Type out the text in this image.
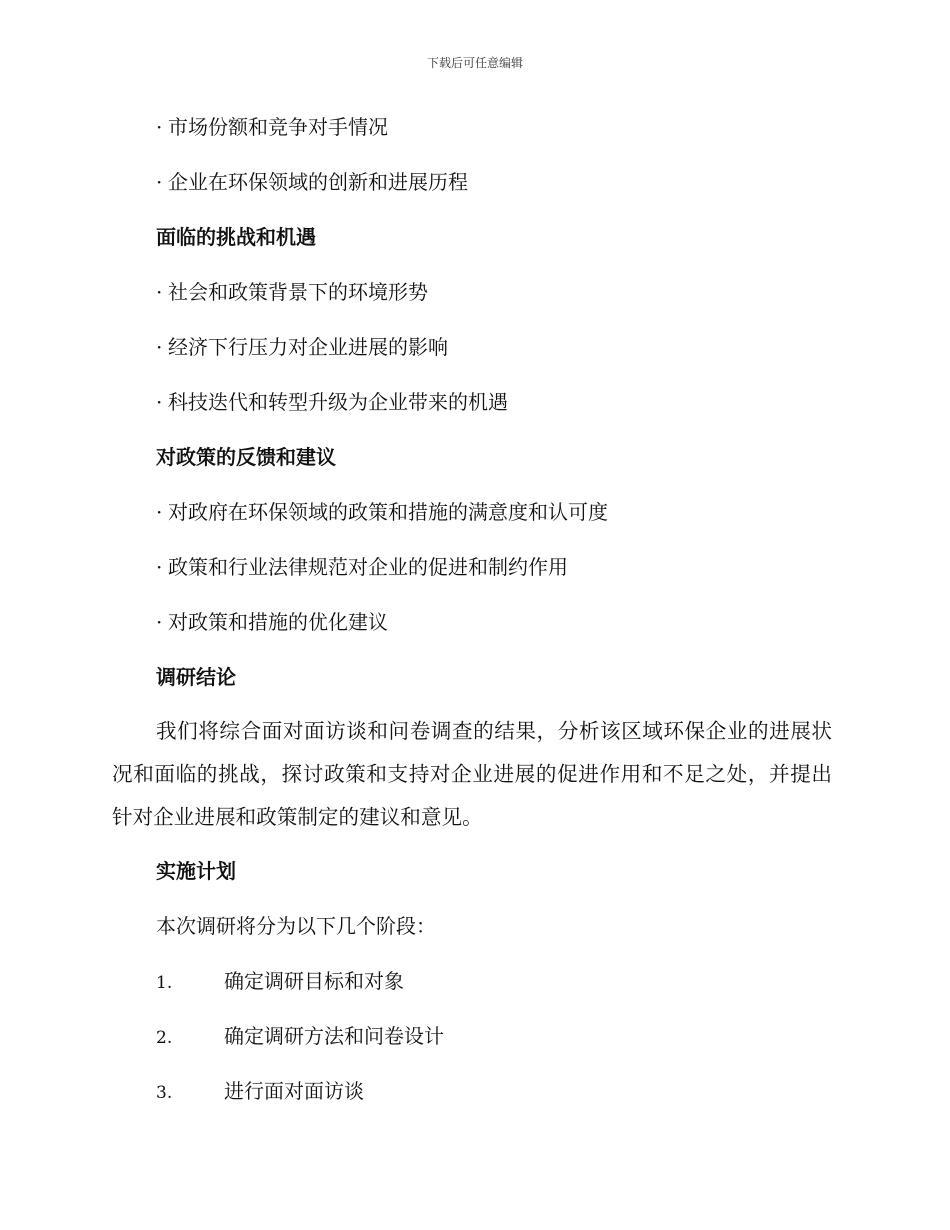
下载后可任意编辑
· 市场份额和竞争对手情况
· 企业在环保领域的创新和进展历程
面临的挑战和机遇
· 社会和政策背景下的环境形势
· 经济下行压力对企业进展的影响
· 科技迭代和转型升级为企业带来的机遇
对政策的反馈和建议
· 对政府在环保领域的政策和措施的满意度和认可度
· 政策和行业法律规范对企业的促进和制约作用
· 对政策和措施的优化建议
调研结论
我们将综合面对面访谈和问卷调查的结果，分析该区域环保企业的进展状况和面临的挑战，探讨政策和支持对企业进展的促进作用和不足之处，并提出针对企业进展和政策制定的建议和意见。
实施计划
本次调研将分为以下几个阶段：
1.	确定调研目标和对象
2.	确定调研方法和问卷设计
3.	进行面对面访谈
